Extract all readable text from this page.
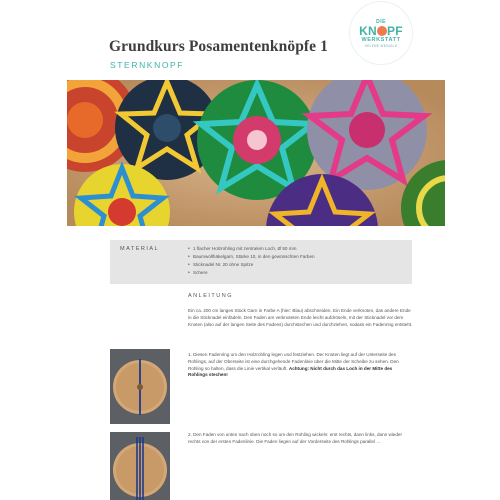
Grundkurs Posamentenknöpfe 1
STERNKNOPF
DIE
KN PF
WERKSTATT
HELENE WEINOLD
MATERIAL
•	1 flacher Holzrohling mit zentralem Loch, Ø 50 mm
• Baumwollhäkelgarn, Stärke 10, in den gewünschten Farben
• Sticknadel Nr. 20 ohne Spitze
• Schere
ANLEITUNG
Ein ca. 200 cm langes Stück Garn in Farbe A (hier: Blau) abschneiden. Ein Ende verknoten, das andere Ende in die Sticknadel einfädeln. Den Faden am verknoteten Ende leicht aufdröseln, mit der Sticknadel vor dem Knoten (also auf der langen Seite des Fadens) durchstechen und durchziehen, sodass ein Fadenring entsteht.
1. Diesen Fadenring um den Holzrohling legen und festziehen. Der Knoten liegt auf der Unterseite des Rohlings, auf der Oberseite ist eine durchgehende Fadenlinie über die Mitte der Scheibe zu sehen. Den Rohling so halten, dass die Linie vertikal verläuft. Achtung: Nicht durch das Loch in der Mitte des Rohlings stechen!
2. Den Faden von unten nach oben noch so um den Rohling wickeln: erst rechts, dann links, dann wieder rechts von der ersten Fadenlinie. Die Faden liegen auf der Vorderseite des Rohlings parallel …
